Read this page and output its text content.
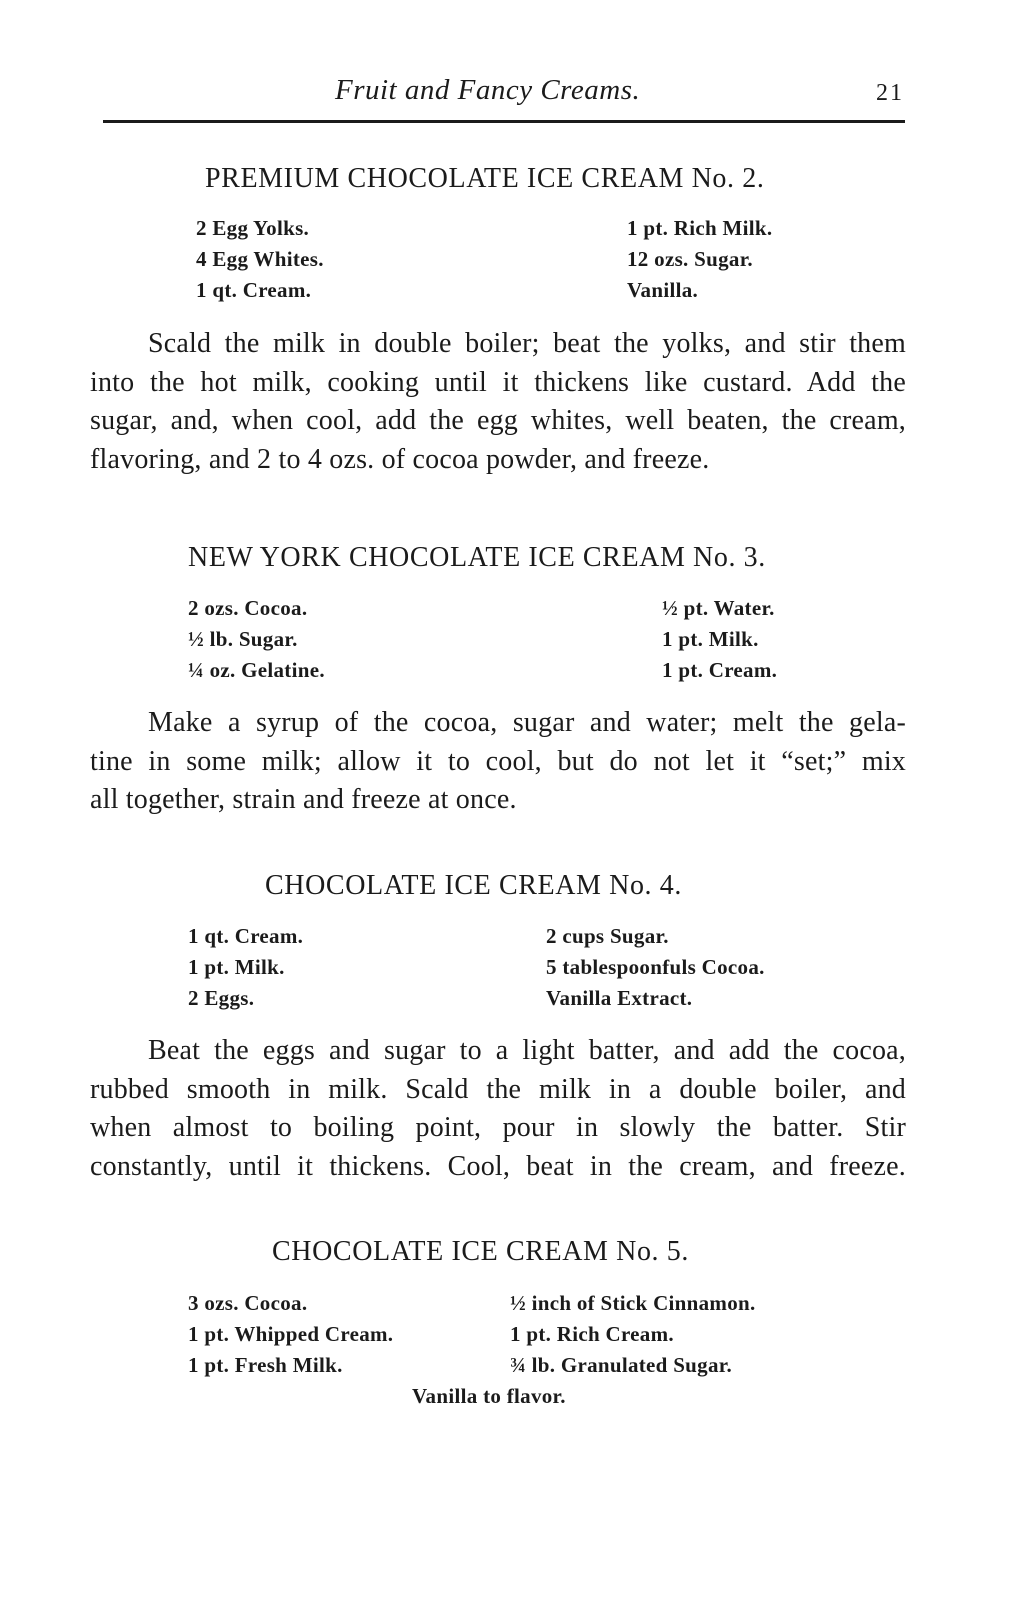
Fruit and Fancy Creams.	21
PREMIUM CHOCOLATE ICE CREAM No. 2.
2 Egg Yolks.
4 Egg Whites.
1 qt. Cream.
1 pt. Rich Milk.
12 ozs. Sugar.
Vanilla.
Scald the milk in double boiler; beat the yolks, and stir them
into the hot milk, cooking until it thickens like custard. Add the
sugar, and, when cool, add the egg whites, well beaten, the cream,
flavoring, and 2 to 4 ozs. of cocoa powder, and freeze.
NEW YORK CHOCOLATE ICE CREAM No. 3.
2 ozs. Cocoa.
½ lb. Sugar.
¼ oz. Gelatine.
½ pt. Water.
1 pt. Milk.
1 pt. Cream.
Make a syrup of the cocoa, sugar and water; melt the gela-
tine in some milk; allow it to cool, but do not let it “set;” mix
all together, strain and freeze at once.
CHOCOLATE ICE CREAM No. 4.
1 qt. Cream.
1 pt. Milk.
2 Eggs.
2 cups Sugar.
5 tablespoonfuls Cocoa.
Vanilla Extract.
Beat the eggs and sugar to a light batter, and add the cocoa,
rubbed smooth in milk. Scald the milk in a double boiler, and
when almost to boiling point, pour in slowly the batter. Stir
constantly, until it thickens. Cool, beat in the cream, and freeze.
CHOCOLATE ICE CREAM No. 5.
3 ozs. Cocoa.
1 pt. Whipped Cream.
1 pt. Fresh Milk.
½ inch of Stick Cinnamon.
1 pt. Rich Cream.
¾ lb. Granulated Sugar.
Vanilla to flavor.
